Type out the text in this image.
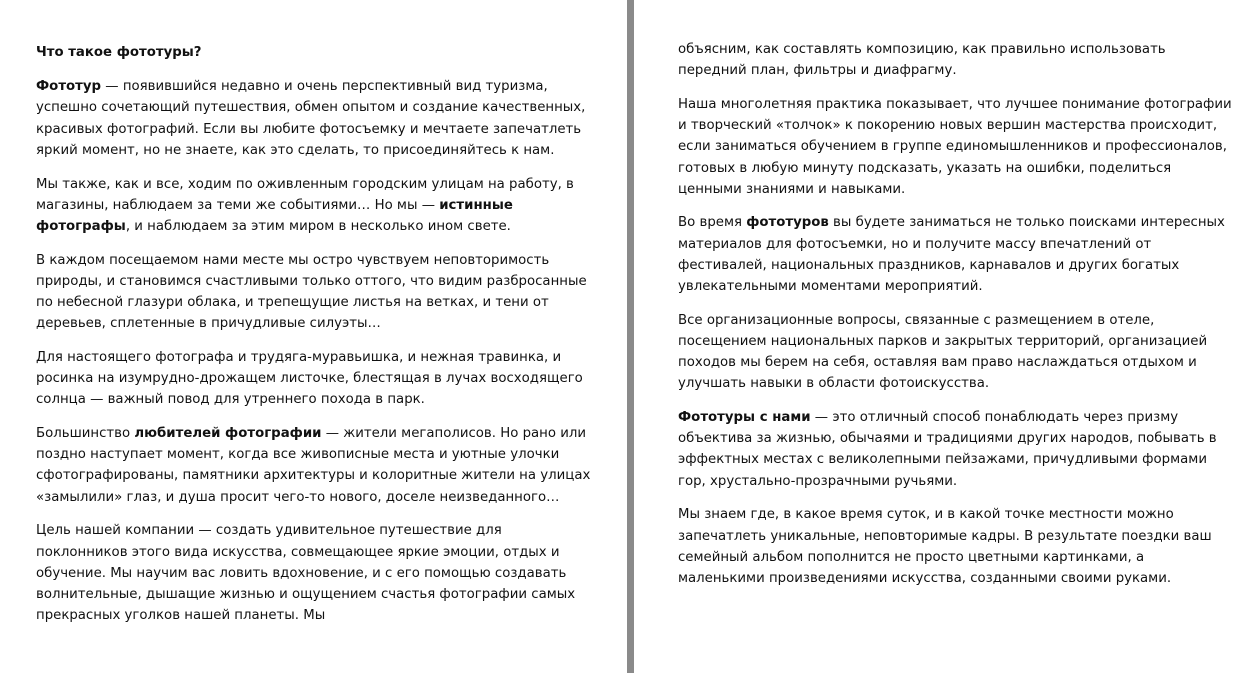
Что такое фототуры?

Фототур — появившийся недавно и очень перспективный вид туризма, успешно сочетающий путешествия, обмен опытом и создание качественных, красивых фотографий. Если вы любите фотосъемку и мечтаете запечатлеть яркий момент, но не знаете, как это сделать, то присоединяйтесь к нам.

Мы также, как и все, ходим по оживленным городским улицам на работу, в магазины, наблюдаем за теми же событиями… Но мы — истинные фотографы, и наблюдаем за этим миром в несколько ином свете.

В каждом посещаемом нами месте мы остро чувствуем неповторимость природы, и становимся счастливыми только оттого, что видим разбросанные по небесной глазури облака, и трепещущие листья на ветках, и тени от деревьев, сплетенные в причудливые силуэты…

Для настоящего фотографа и трудяга-муравьишка, и нежная травинка, и росинка на изумрудно-дрожащем листочке, блестящая в лучах восходящего солнца — важный повод для утреннего похода в парк.

Большинство любителей фотографии — жители мегаполисов. Но рано или поздно наступает момент, когда все живописные места и уютные улочки сфотографированы, памятники архитектуры и колоритные жители на улицах «замылили» глаз, и душа просит чего-то нового, доселе неизведанного…

Цель нашей компании — создать удивительное путешествие для поклонников этого вида искусства, совмещающее яркие эмоции, отдых и обучение. Мы научим вас ловить вдохновение, и с его помощью создавать волнительные, дышащие жизнью и ощущением счастья фотографии самых прекрасных уголков нашей планеты. Мы

объясним, как составлять композицию, как правильно использовать передний план, фильтры и диафрагму.

Наша многолетняя практика показывает, что лучшее понимание фотографии и творческий «толчок» к покорению новых вершин мастерства происходит, если заниматься обучением в группе единомышленников и профессионалов, готовых в любую минуту подсказать, указать на ошибки, поделиться ценными знаниями и навыками.

Во время фототуров вы будете заниматься не только поисками интересных материалов для фотосъемки, но и получите массу впечатлений от фестивалей, национальных праздников, карнавалов и других богатых увлекательными моментами мероприятий.

Все организационные вопросы, связанные с размещением в отеле, посещением национальных парков и закрытых территорий, организацией походов мы берем на себя, оставляя вам право наслаждаться отдыхом и улучшать навыки в области фотоискусства.

Фототуры с нами — это отличный способ понаблюдать через призму объектива за жизнью, обычаями и традициями других народов, побывать в эффектных местах с великолепными пейзажами, причудливыми формами гор, хрустально-прозрачными ручьями.

Мы знаем где, в какое время суток, и в какой точке местности можно запечатлеть уникальные, неповторимые кадры. В результате поездки ваш семейный альбом пополнится не просто цветными картинками, а маленькими произведениями искусства, созданными своими руками.
